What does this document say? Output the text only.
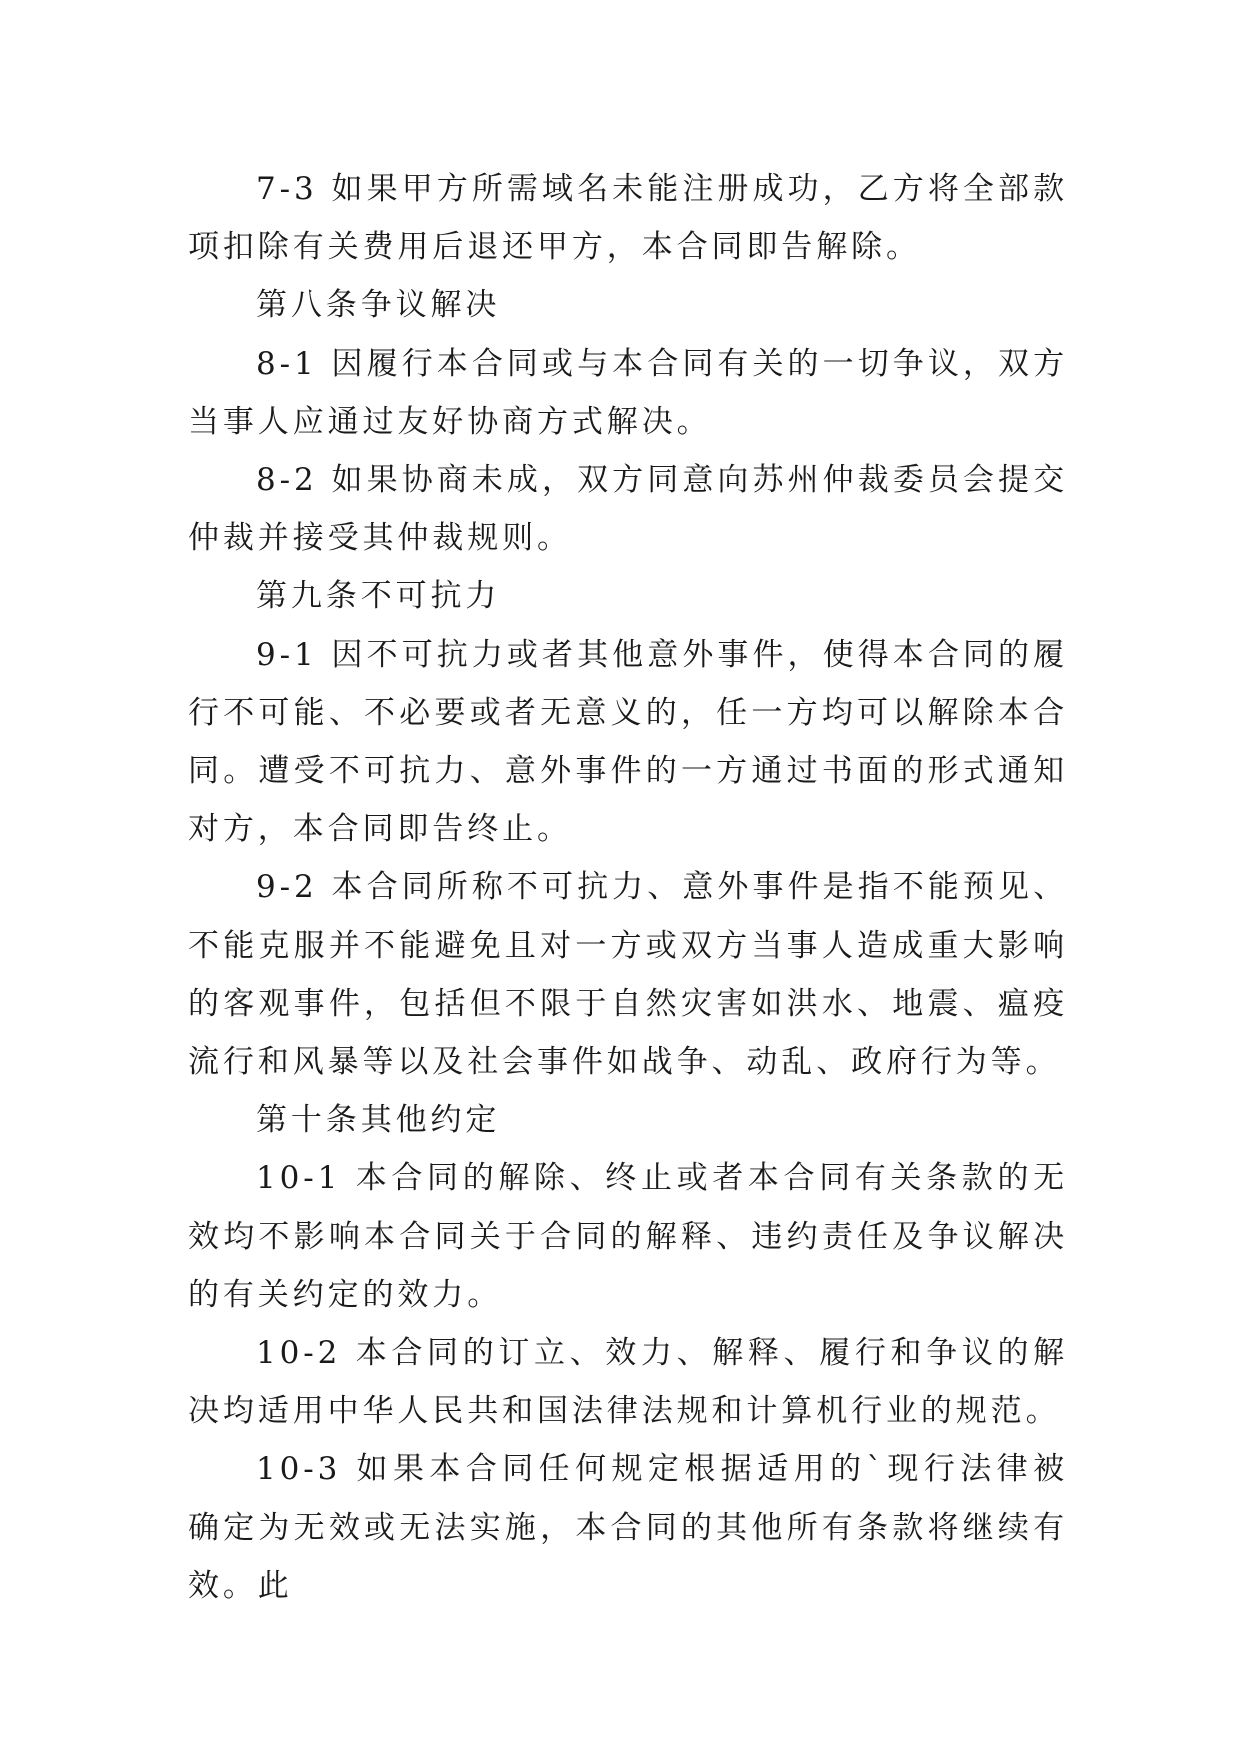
7-3 如果甲方所需域名未能注册成功，乙方将全部款项扣除有关费用后退还甲方，本合同即告解除。

第八条争议解决

8-1 因履行本合同或与本合同有关的一切争议，双方当事人应通过友好协商方式解决。

8-2 如果协商未成，双方同意向苏州仲裁委员会提交仲裁并接受其仲裁规则。

第九条不可抗力

9-1 因不可抗力或者其他意外事件，使得本合同的履行不可能、不必要或者无意义的，任一方均可以解除本合同。遭受不可抗力、意外事件的一方通过书面的形式通知对方，本合同即告终止。

9-2 本合同所称不可抗力、意外事件是指不能预见、不能克服并不能避免且对一方或双方当事人造成重大影响的客观事件，包括但不限于自然灾害如洪水、地震、瘟疫流行和风暴等以及社会事件如战争、动乱、政府行为等。

第十条其他约定

10-1 本合同的解除、终止或者本合同有关条款的无效均不影响本合同关于合同的解释、违约责任及争议解决的有关约定的效力。

10-2 本合同的订立、效力、解释、履行和争议的解决均适用中华人民共和国法律法规和计算机行业的规范。

10-3 如果本合同任何规定根据适用的`现行法律被确定为无效或无法实施，本合同的其他所有条款将继续有效。此
